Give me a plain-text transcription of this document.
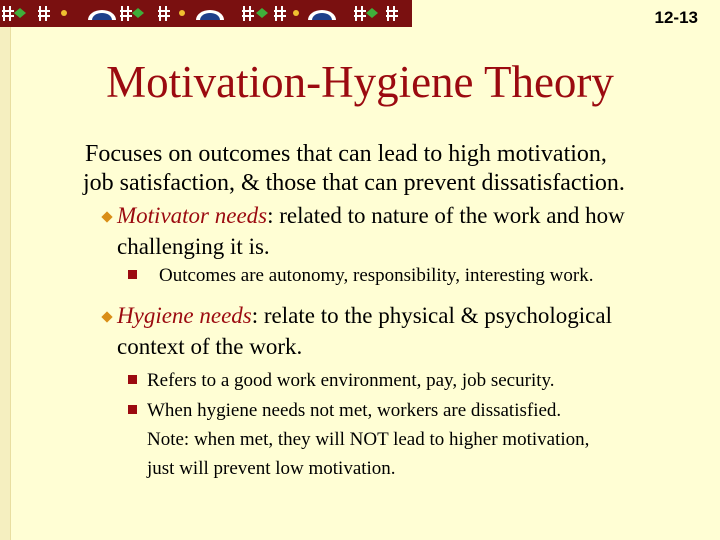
12-13
Motivation-Hygiene Theory
Focuses on outcomes that can lead to high motivation,
job satisfaction, & those that can prevent dissatisfaction.
Motivator needs: related to nature of the work and how
challenging it is.
Outcomes are autonomy, responsibility, interesting work.
Hygiene needs: relate to the physical & psychological
context of the work.
Refers to a good work environment, pay, job security.
When hygiene needs not met, workers are dissatisfied.
Note: when met, they will NOT lead to higher motivation,
just will prevent low motivation.
